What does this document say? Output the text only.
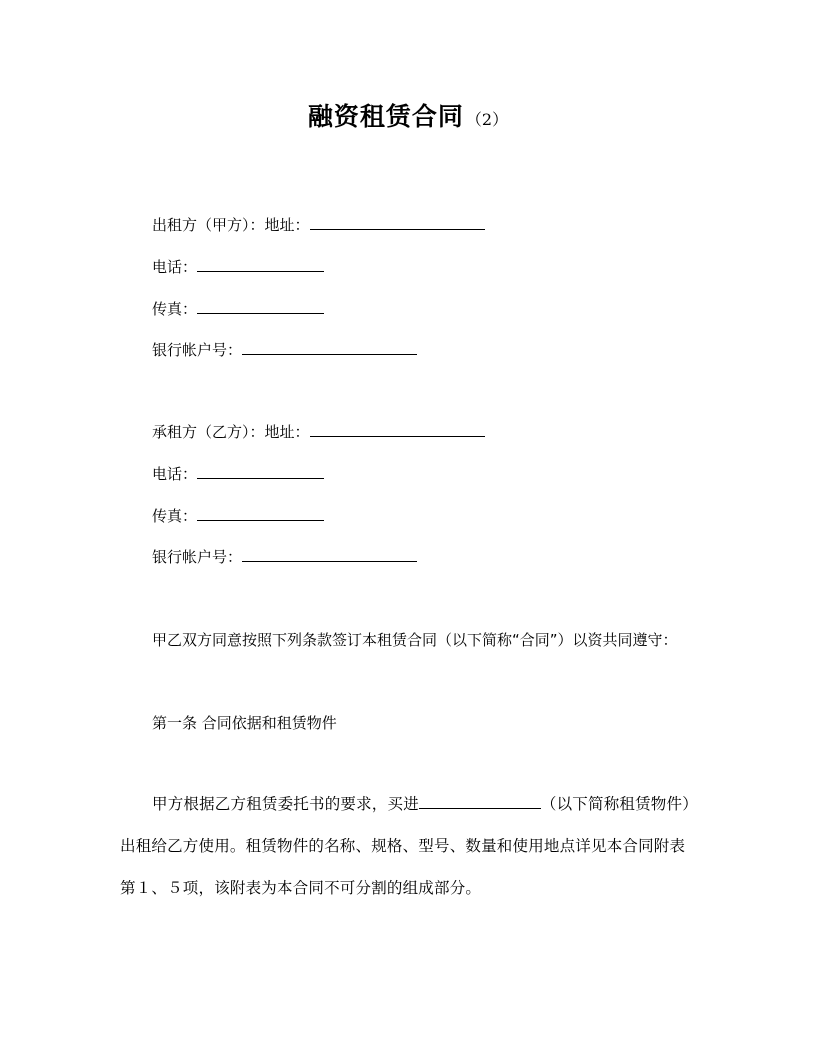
融资租赁合同 （2）
出租方（甲方）：地址：
电话：
传真：
银行帐户号：
承租方（乙方）：地址：
电话：
传真：
银行帐户号：
甲乙双方同意按照下列条款签订本租赁合同（以下简称“合同”）以资共同遵守：
第一条 合同依据和租赁物件
甲方根据乙方租赁委托书的要求，买进	（以下简称租赁物件）出租给乙方使用。租赁物件的名称、规格、型号、数量和使用地点详见本合同附表第１、５项，该附表为本合同不可分割的组成部分。
